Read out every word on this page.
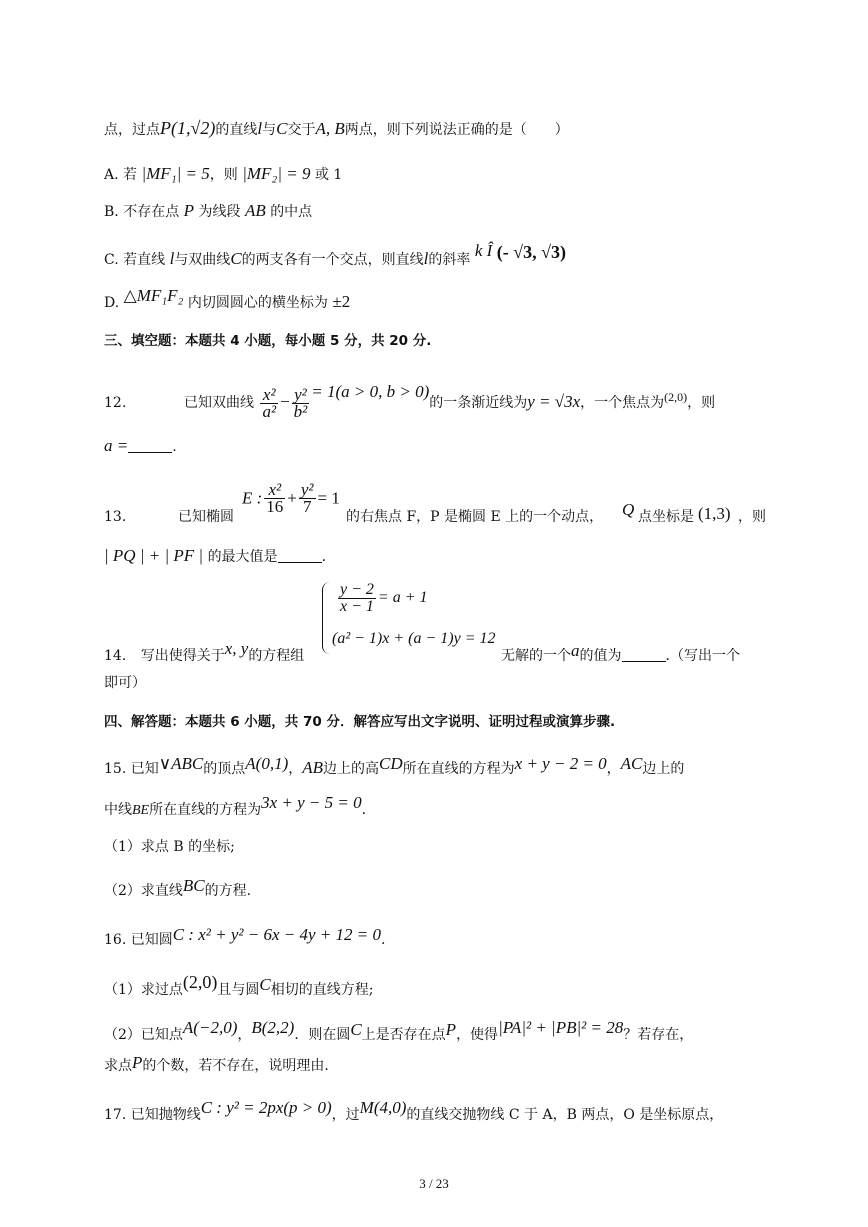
点，过点P(1,√2)的直线l与C交于A, B两点，则下列说法正确的是（　　）
A. 若 |MF₁| = 5，则 |MF₂| = 9 或 1
B. 不存在点 P 为线段 AB 的中点
C. 若直线 l与双曲线C的两支各有一个交点，则直线l的斜率 k Î (- √3, √3)
D. △MF₁F₂ 内切圆圆心的横坐标为 ±2
三、填空题：本题共 4 小题，每小题 5 分，共 20 分.
12.	已知双曲线 $\frac{\text{x²}}{\text{a²}} - \frac{\text{y²}}{\text{b²}} = 1(a > 0$, b > 0)的一条渐近线为y = √3x，一个焦点为(2,0)，则
a =	.
13.	已知椭圆
E : $\frac{\text{x²}}{16} + \frac{\text{y²}}{7} = 1$
的右焦点 F，P 是椭圆 E 上的一个动点， Q 点坐标是 (1,3) ，则
| PQ | + | PF | 的最大值是	.
$\frac{y - 2}{x - 1} = a + 1$
(a² − 1)x + (a − 1)y = 12
14. 写出使得关于x, y的方程组	无解的一个a的值为	.（写出一个
即可）
四、解答题：本题共 6 小题，共 70 分．解答应写出文字说明、证明过程或演算步骤.
15. 已知∨ABC的顶点A(0,1)，AB边上的高CD所在直线的方程为x + y − 2 = 0，AC边上的
中线BE所在直线的方程为3x + y − 5 = 0.
（1）求点 B 的坐标;
（2）求直线BC的方程.
16. 已知圆C : x² + y² − 6x − 4y + 12 = 0.
（1）求过点(2,0)且与圆C相切的直线方程;
（2）已知点A(−2,0)，B(2,2)．则在圆C上是否存在点P，使得|PA|² + |PB|² = 28？若存在，
求点P的个数，若不存在，说明理由.
17. 已知抛物线C : y² = 2px(p > 0)，过M(4,0)的直线交抛物线 C 于 A，B 两点，O 是坐标原点，
3 / 23
